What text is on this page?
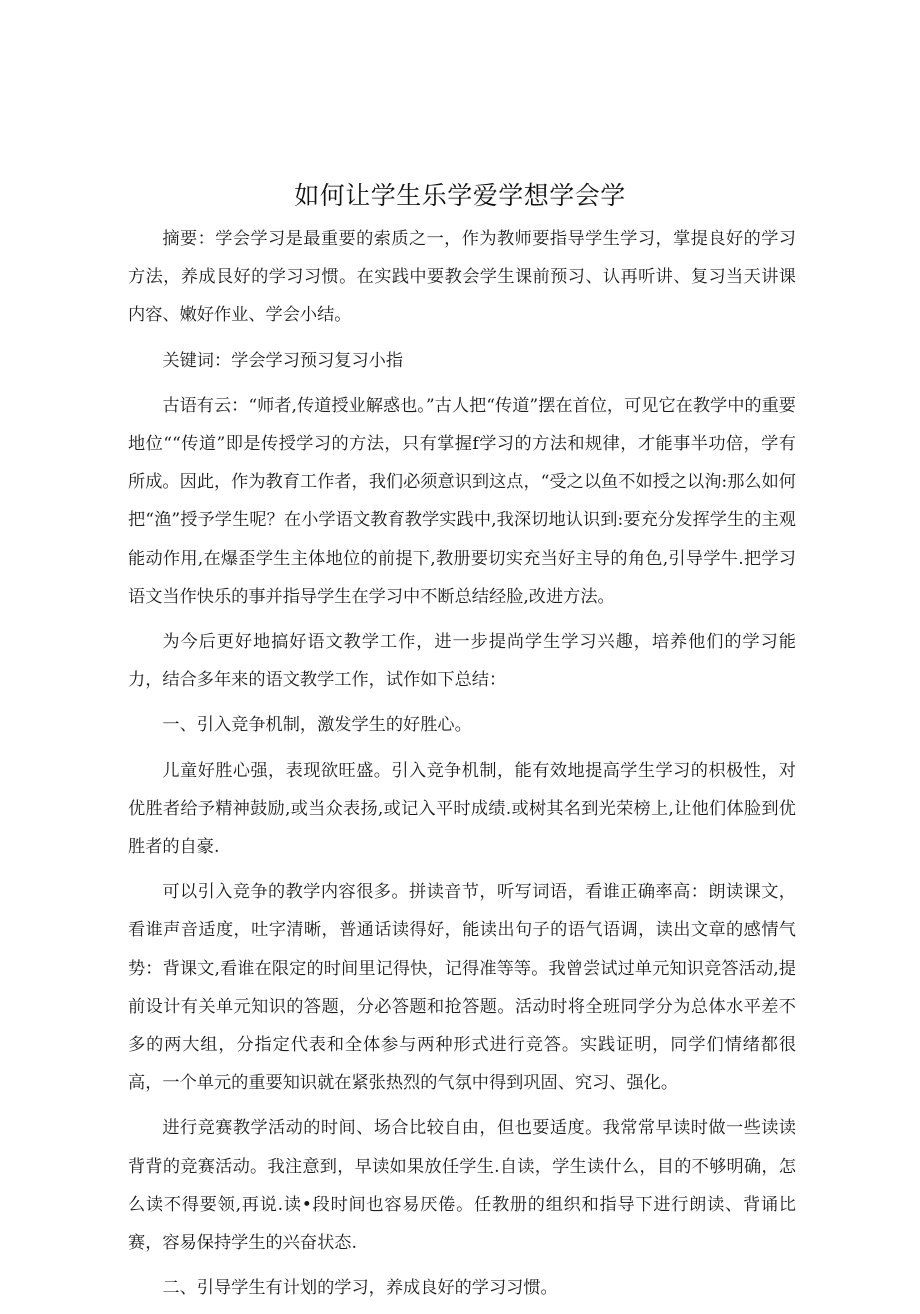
如何让学生乐学爱学想学会学

摘要：学会学习是最重要的索质之一，作为教师要指导学生学习，掌提良好的学习方法，养成艮好的学习习惯。在实践中要教会学生课前预习、认再听讲、复习当天讲课内容、嫩好作业、学会小结。

关键词：学会学习预习复习小指

古语有云：“师者,传道授业解惑也。”古人把“传道”摆在首位，可见它在教学中的重要地位““传道”即是传授学习的方法，只有掌握f学习的方法和规律，才能事半功倍，学有所成。因此，作为教育工作者，我们必须意识到这点，“受之以鱼不如授之以洵:那么如何把“渔”授予学生呢？在小学语文教育教学实践中,我深切地认识到:要充分发挥学生的主观能动作用,在爆歪学生主体地位的前提下,教册要切实充当好主导的角色,引导学牛.把学习语文当作快乐的事并指导学生在学习中不断总结经脸,改进方法。

为今后更好地搞好语文教学工作，进一步提尚学生学习兴趣，培养他们的学习能力，结合多年来的语文教学工作，试作如下总结：

一、引入竞争机制，激发学生的好胜心。

儿童好胜心强，表现欲旺盛。引入竞争机制，能有效地提高学生学习的枳极性，对优胜者给予精神鼓励,或当众表扬,或记入平时成绩.或树其名到光荣榜上,让他们体脸到优胜者的自豪.

可以引入竞争的教学内容很多。拼读音节，听写词语，看谁正确率高：朗读课文，看谁声音适度，吐字清晰，普通话读得好，能读出句子的语气语调，读出文章的感情气势：背课文,看谁在限定的时间里记得快，记得准等等。我曾尝试过单元知识竞答活动,提前设计有关单元知识的答题，分必答题和抢答题。活动时将全班同学分为总体水平差不多的两大组，分指定代表和全体参与两种形式进行竞答。实践证明，同学们情绪都很高，一个单元的重要知识就在紧张热烈的气氛中得到巩固、究习、强化。

进行竞赛教学活动的时间、场合比较自由，但也要适度。我常常早读时做一些读读背背的竞赛活动。我注意到，早读如果放任学生.自读，学生读什么，目的不够明确，怎么读不得要领,再说.读•段时间也容易厌倦。任教册的组织和指导下进行朗读、背诵比赛，容易保持学生的兴奋状态.

二、引导学生有计划的学习，养成良好的学习习惯。
